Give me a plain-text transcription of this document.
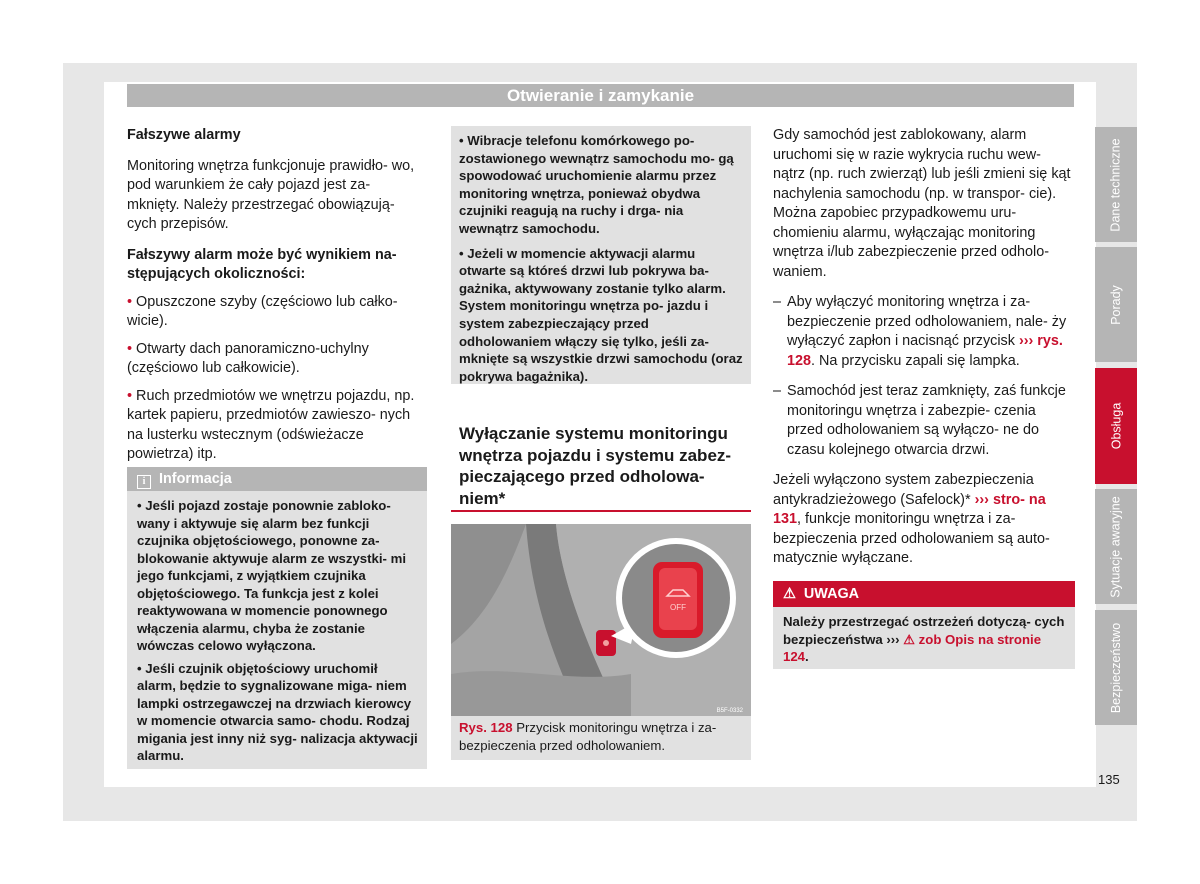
Otwieranie i zamykanie

Fałszywe alarmy

Monitoring wnętrza funkcjonuje prawidło- wo, pod warunkiem że cały pojazd jest za- mknięty. Należy przestrzegać obowiązują- cych przepisów.

Fałszywy alarm może być wynikiem na- stępujących okoliczności:

• Opuszczone szyby (częściowo lub całko- wicie).

• Otwarty dach panoramiczno-uchylny (częściowo lub całkowicie).

• Ruch przedmiotów we wnętrzu pojazdu, np. kartek papieru, przedmiotów zawieszo- nych na lusterku wstecznym (odświeżacze powietrza) itp.

i Informacja

• Jeśli pojazd zostaje ponownie zabloko- wany i aktywuje się alarm bez funkcji czujnika objętościowego, ponowne za- blokowanie aktywuje alarm ze wszystki- mi jego funkcjami, z wyjątkiem czujnika objętościowego. Ta funkcja jest z kolei reaktywowana w momencie ponownego włączenia alarmu, chyba że zostanie wówczas celowo wyłączona.

• Jeśli czujnik objętościowy uruchomił alarm, będzie to sygnalizowane miga- niem lampki ostrzegawczej na drzwiach kierowcy w momencie otwarcia samo- chodu. Rodzaj migania jest inny niż syg- nalizacja aktywacji alarmu.

• Wibracje telefonu komórkowego po- zostawionego wewnątrz samochodu mo- gą spowodować uruchomienie alarmu przez monitoring wnętrza, ponieważ obydwa czujniki reagują na ruchy i drga- nia wewnątrz samochodu.

• Jeżeli w momencie aktywacji alarmu otwarte są któreś drzwi lub pokrywa ba- gażnika, aktywowany zostanie tylko alarm. System monitoringu wnętrza po- jazdu i system zabezpieczający przed odholowaniem włączy się tylko, jeśli za- mknięte są wszystkie drzwi samochodu (oraz pokrywa bagażnika).

Wyłączanie systemu monitoringu wnętrza pojazdu i systemu zabez- pieczającego przed odholowa- niem*
OFF
B5F-0332
Rys. 128 Przycisk monitoringu wnętrza i za- bezpieczenia przed odholowaniem.

Gdy samochód jest zablokowany, alarm uruchomi się w razie wykrycia ruchu wew- nątrz (np. ruch zwierząt) lub jeśli zmieni się kąt nachylenia samochodu (np. w transpor- cie). Można zapobiec przypadkowemu uru- chomieniu alarmu, wyłączając monitoring wnętrza i/lub zabezpieczenie przed odholo- waniem.

– Aby wyłączyć monitoring wnętrza i za- bezpieczenie przed odholowaniem, nale- ży wyłączyć zapłon i nacisnąć przycisk ››› rys. 128. Na przycisku zapali się lampka.

– Samochód jest teraz zamknięty, zaś funkcje monitoringu wnętrza i zabezpie- czenia przed odholowaniem są wyłączo- ne do czasu kolejnego otwarcia drzwi.

Jeżeli wyłączono system zabezpieczenia antykradzieżowego (Safelock)* ››› stro- na 131, funkcje monitoringu wnętrza i za- bezpieczenia przed odholowaniem są auto- matycznie wyłączane.

⚠ UWAGA
Należy przestrzegać ostrzeżeń dotyczą- cych bezpieczeństwa ››› ⚠ zob Opis na stronie 124.
Dane techniczne
Porady
Obsługa
Sytuacje awaryjne
Bezpieczeństwo
135
